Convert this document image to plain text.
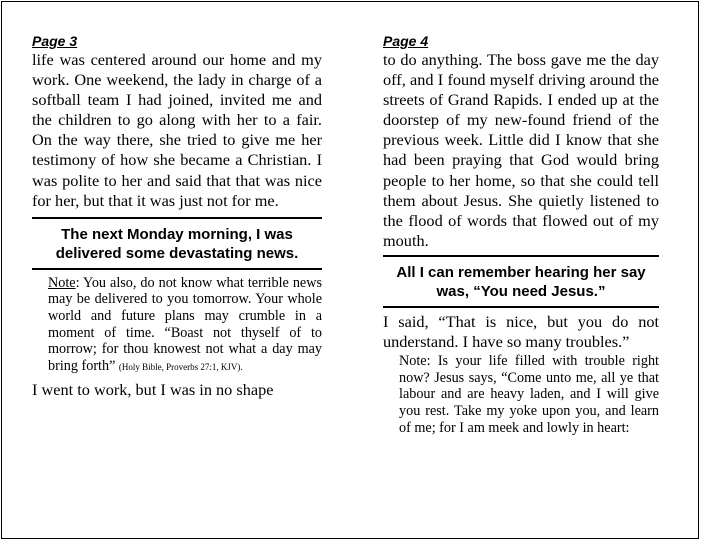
Page 3

life was centered around our home and my work. One weekend, the lady in charge of a softball team I had joined, invited me and the children to go along with her to a fair. On the way there, she tried to give me her testimony of how she became a Christian. I was polite to her and said that that was nice for her, but that it was just not for me.

The next Monday morning, I was delivered some devastating news.

Note: You also, do not know what terrible news may be delivered to you tomorrow. Your whole world and future plans may crumble in a moment of time. “Boast not thyself of to morrow; for thou knowest not what a day may bring forth” (Holy Bible, Proverbs 27:1, KJV).

I went to work, but I was in no shape

Page 4

to do anything. The boss gave me the day off, and I found myself driving around the streets of Grand Rapids. I ended up at the doorstep of my new-found friend of the previous week. Little did I know that she had been praying that God would bring people to her home, so that she could tell them about Jesus. She quietly listened to the flood of words that flowed out of my mouth.

All I can remember hearing her say was, “You need Jesus.”

I said, “That is nice, but you do not understand. I have so many troubles.”

Note: Is your life filled with trouble right now? Jesus says, “Come unto me, all ye that labour and are heavy laden, and I will give you rest. Take my yoke upon you, and learn of me; for I am meek and lowly in heart:
